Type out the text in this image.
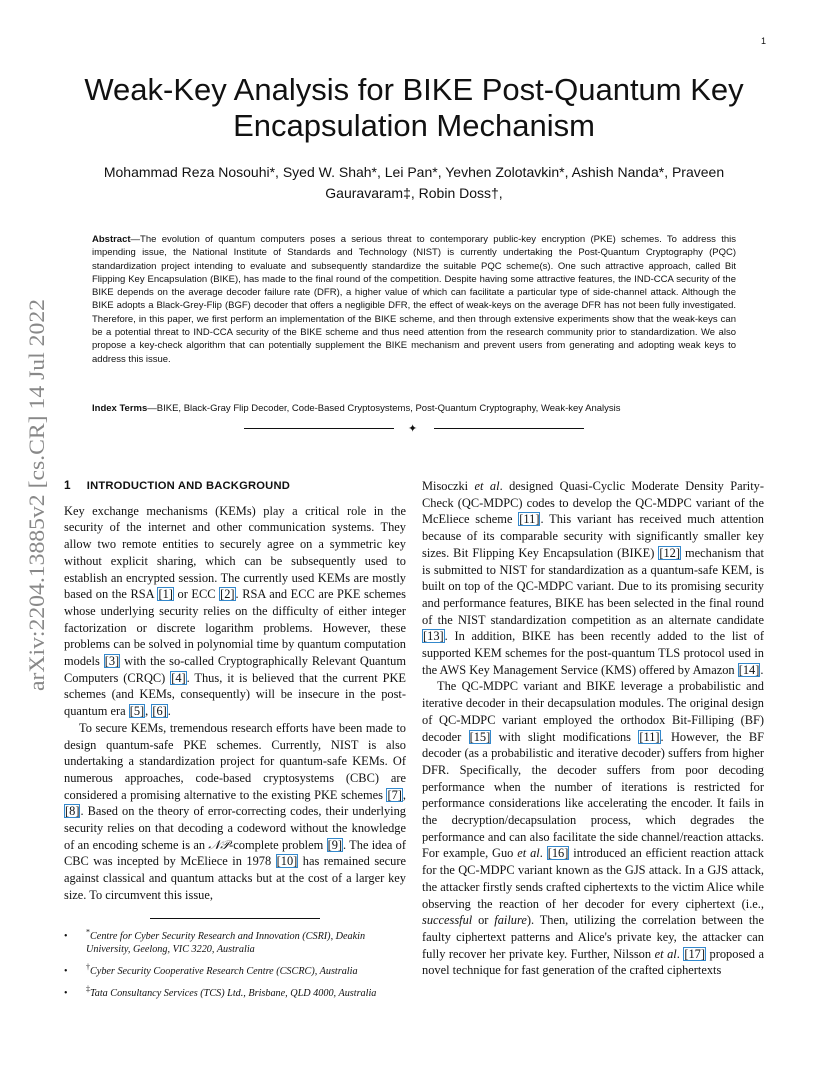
1
arXiv:2204.13885v2 [cs.CR] 14 Jul 2022
Weak-Key Analysis for BIKE Post-Quantum Key Encapsulation Mechanism
Mohammad Reza Nosouhi*, Syed W. Shah*, Lei Pan*, Yevhen Zolotavkin*, Ashish Nanda*, Praveen
Gauravaram‡, Robin Doss†,
Abstract—The evolution of quantum computers poses a serious threat to contemporary public-key encryption (PKE) schemes. To address this impending issue, the National Institute of Standards and Technology (NIST) is currently undertaking the Post-Quantum Cryptography (PQC) standardization project intending to evaluate and subsequently standardize the suitable PQC scheme(s). One such attractive approach, called Bit Flipping Key Encapsulation (BIKE), has made to the final round of the competition. Despite having some attractive features, the IND-CCA security of the BIKE depends on the average decoder failure rate (DFR), a higher value of which can facilitate a particular type of side-channel attack. Although the BIKE adopts a Black-Grey-Flip (BGF) decoder that offers a negligible DFR, the effect of weak-keys on the average DFR has not been fully investigated. Therefore, in this paper, we first perform an implementation of the BIKE scheme, and then through extensive experiments show that the weak-keys can be a potential threat to IND-CCA security of the BIKE scheme and thus need attention from the research community prior to standardization. We also propose a key-check algorithm that can potentially supplement the BIKE mechanism and prevent users from generating and adopting weak keys to address this issue.
Index Terms—BIKE, Black-Gray Flip Decoder, Code-Based Cryptosystems, Post-Quantum Cryptography, Weak-key Analysis
✦
1 INTRODUCTION AND BACKGROUND

Key exchange mechanisms (KEMs) play a critical role in the security of the internet and other communication systems. They allow two remote entities to securely agree on a symmetric key without explicit sharing, which can be subsequently used to establish an encrypted session. The currently used KEMs are mostly based on the RSA [1] or ECC [2]. RSA and ECC are PKE schemes whose underlying security relies on the difficulty of either integer factorization or discrete logarithm problems. However, these problems can be solved in polynomial time by quantum computation models [3] with the so-called Cryptographically Relevant Quantum Computers (CRQC) [4]. Thus, it is believed that the current PKE schemes (and KEMs, consequently) will be insecure in the post-quantum era [5], [6].

To secure KEMs, tremendous research efforts have been made to design quantum-safe PKE schemes. Currently, NIST is also undertaking a standardization project for quantum-safe KEMs. Of numerous approaches, code-based cryptosystems (CBC) are considered a promising alternative to the existing PKE schemes [7], [8]. Based on the theory of error-correcting codes, their underlying security relies on that decoding a codeword without the knowledge of an encoding scheme is an 𝒩𝒫-complete problem [9]. The idea of CBC was incepted by McEliece in 1978 [10] has remained secure against classical and quantum attacks but at the cost of a larger key size. To circumvent this issue,

• *Centre for Cyber Security Research and Innovation (CSRI), Deakin University, Geelong, VIC 3220, Australia
• †Cyber Security Cooperative Research Centre (CSCRC), Australia
• ‡Tata Consultancy Services (TCS) Ltd., Brisbane, QLD 4000, Australia

Misoczki et al. designed Quasi-Cyclic Moderate Density Parity-Check (QC-MDPC) codes to develop the QC-MDPC variant of the McEliece scheme [11]. This variant has received much attention because of its comparable security with significantly smaller key sizes. Bit Flipping Key Encapsulation (BIKE) [12] mechanism that is submitted to NIST for standardization as a quantum-safe KEM, is built on top of the QC-MDPC variant. Due to its promising security and performance features, BIKE has been selected in the final round of the NIST standardization competition as an alternate candidate [13]. In addition, BIKE has been recently added to the list of supported KEM schemes for the post-quantum TLS protocol used in the AWS Key Management Service (KMS) offered by Amazon [14].

The QC-MDPC variant and BIKE leverage a probabilistic and iterative decoder in their decapsulation modules. The original design of QC-MDPC variant employed the orthodox Bit-Filliping (BF) decoder [15] with slight modifications [11]. However, the BF decoder (as a probabilistic and iterative decoder) suffers from higher DFR. Specifically, the decoder suffers from poor decoding performance when the number of iterations is restricted for performance considerations like accelerating the encoder. It fails in the decryption/decapsulation process, which degrades the performance and can also facilitate the side channel/reaction attacks. For example, Guo et al. [16] introduced an efficient reaction attack for the QC-MDPC variant known as the GJS attack. In a GJS attack, the attacker firstly sends crafted ciphertexts to the victim Alice while observing the reaction of her decoder for every ciphertext (i.e., successful or failure). Then, utilizing the correlation between the faulty ciphertext patterns and Alice's private key, the attacker can fully recover her private key. Further, Nilsson et al. [17] proposed a novel technique for fast generation of the crafted ciphertexts
